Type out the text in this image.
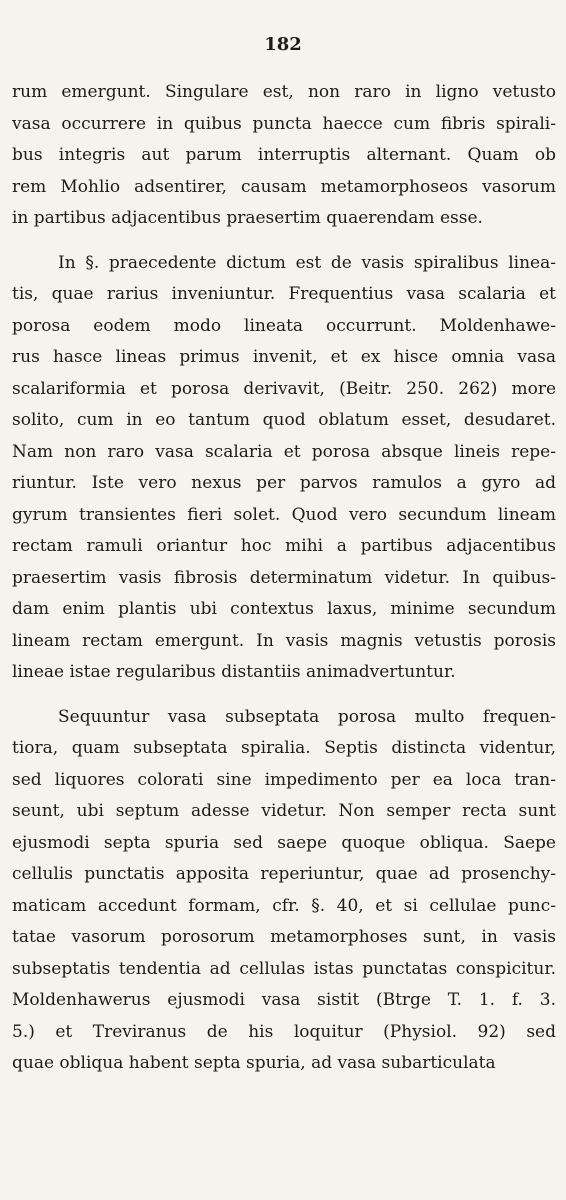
182
rum emergunt. Singulare est, non raro in ligno vetusto
vasa occurrere in quibus puncta haecce cum fibris spirali-
bus integris aut parum interruptis alternant. Quam ob
rem Mohlio adsentirer, causam metamorphoseos vasorum
in partibus adjacentibus praesertim quaerendam esse.
In §. praecedente dictum est de vasis spiralibus linea-
tis, quae rarius inveniuntur. Frequentius vasa scalaria et
porosa eodem modo lineata occurrunt. Moldenhawe-
rus hasce lineas primus invenit, et ex hisce omnia vasa
scalariformia et porosa derivavit, (Beitr. 250. 262) more
solito, cum in eo tantum quod oblatum esset, desudaret.
Nam non raro vasa scalaria et porosa absque lineis repe-
riuntur. Iste vero nexus per parvos ramulos a gyro ad
gyrum transientes fieri solet. Quod vero secundum lineam
rectam ramuli oriantur hoc mihi a partibus adjacentibus
praesertim vasis fibrosis determinatum videtur. In quibus-
dam enim plantis ubi contextus laxus, minime secundum
lineam rectam emergunt. In vasis magnis vetustis porosis
lineae istae regularibus distantiis animadvertuntur.
Sequuntur vasa subseptata porosa multo frequen-
tiora, quam subseptata spiralia. Septis distincta videntur,
sed liquores colorati sine impedimento per ea loca tran-
seunt, ubi septum adesse videtur. Non semper recta sunt
ejusmodi septa spuria sed saepe quoque obliqua. Saepe
cellulis punctatis apposita reperiuntur, quae ad prosenchy-
maticam accedunt formam, cfr. §. 40, et si cellulae punc-
tatae vasorum porosorum metamorphoses sunt, in vasis
subseptatis tendentia ad cellulas istas punctatas conspicitur.
Moldenhawerus ejusmodi vasa sistit (Btrge T. 1. f. 3.
5.) et Treviranus de his loquitur (Physiol. 92) sed
quae obliqua habent septa spuria, ad vasa subarticulata
